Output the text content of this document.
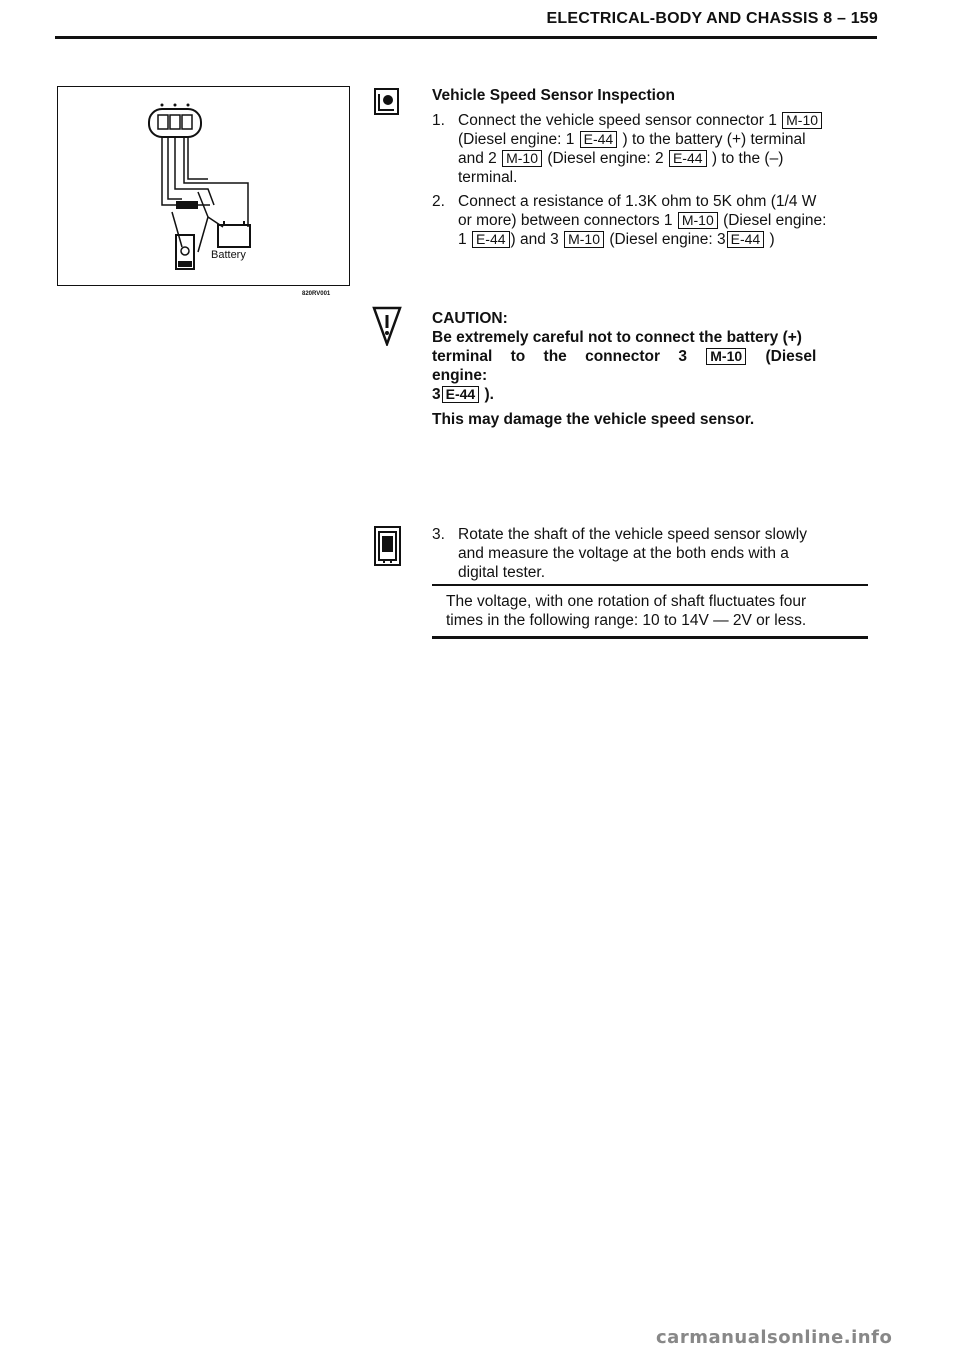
ELECTRICAL-BODY AND CHASSIS 8 – 159
Battery
820RV001
Vehicle Speed Sensor Inspection
1. Connect the vehicle speed sensor connector 1 M-10
(Diesel engine: 1 E-44 ) to the battery (+) terminal
and 2 M-10 (Diesel engine: 2 E-44 ) to the (–)
terminal.
2. Connect a resistance of 1.3K ohm to 5K ohm (1/4 W
or more) between connectors 1 M-10 (Diesel engine:
1 E-44 ) and 3 M-10 (Diesel engine: 3 E-44 )
CAUTION:
Be extremely careful not to connect the battery (+)
terminal to the connector 3 M-10 (Diesel engine:
3 E-44 ).
This may damage the vehicle speed sensor.
3. Rotate the shaft of the vehicle speed sensor slowly
and measure the voltage at the both ends with a
digital tester.
The voltage, with one rotation of shaft fluctuates four
times in the following range: 10 to 14V — 2V or less.
carmanualsonline.info
